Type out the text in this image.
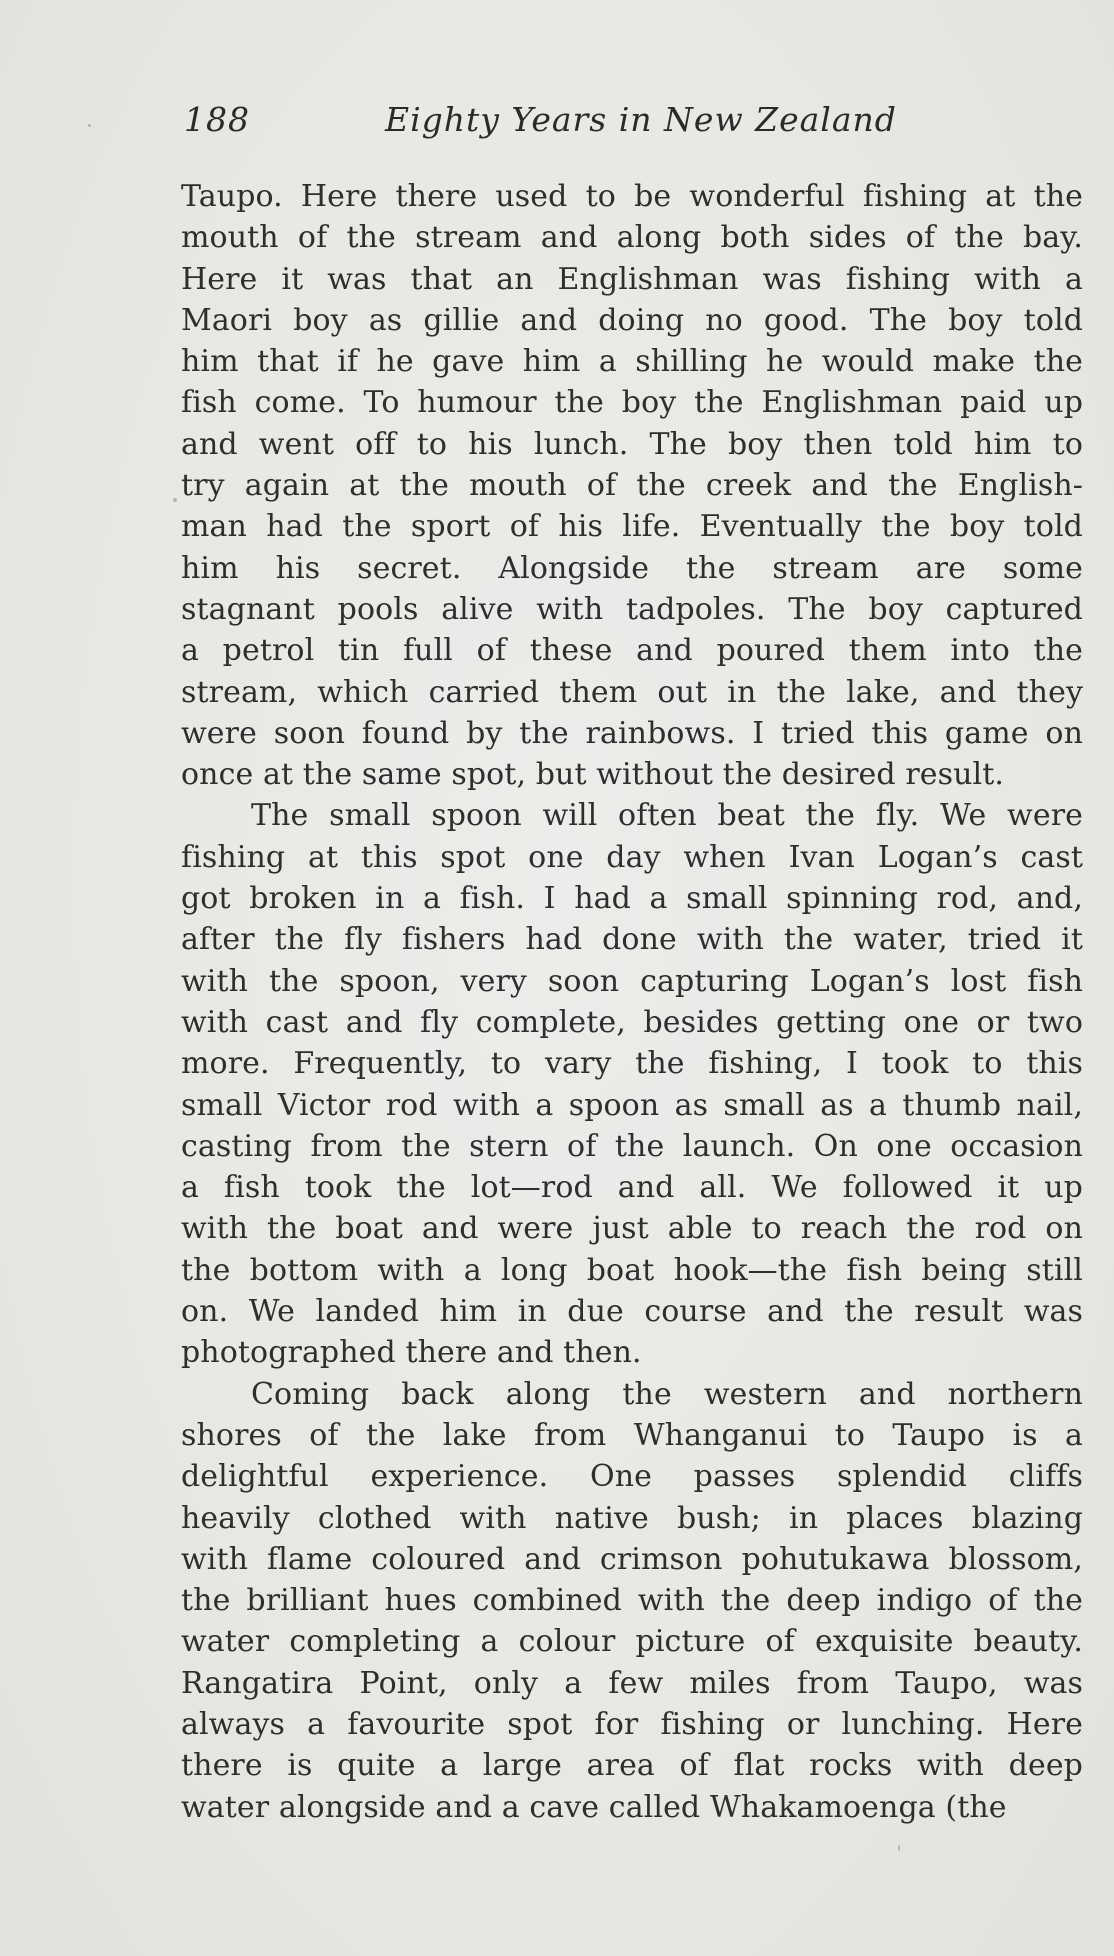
188	Eighty Years in New Zealand
Taupo. Here there used to be wonderful fishing at the
mouth of the stream and along both sides of the bay.
Here it was that an Englishman was fishing with a
Maori boy as gillie and doing no good. The boy told
him that if he gave him a shilling he would make the
fish come. To humour the boy the Englishman paid up
and went off to his lunch. The boy then told him to
try again at the mouth of the creek and the English-
man had the sport of his life. Eventually the boy told
him his secret. Alongside the stream are some
stagnant pools alive with tadpoles. The boy captured
a petrol tin full of these and poured them into the
stream, which carried them out in the lake, and they
were soon found by the rainbows. I tried this game on
once at the same spot, but without the desired result.
The small spoon will often beat the fly. We were
fishing at this spot one day when Ivan Logan’s cast
got broken in a fish. I had a small spinning rod, and,
after the fly fishers had done with the water, tried it
with the spoon, very soon capturing Logan’s lost fish
with cast and fly complete, besides getting one or two
more. Frequently, to vary the fishing, I took to this
small Victor rod with a spoon as small as a thumb nail,
casting from the stern of the launch. On one occasion
a fish took the lot—rod and all. We followed it up
with the boat and were just able to reach the rod on
the bottom with a long boat hook—the fish being still
on. We landed him in due course and the result was
photographed there and then.
Coming back along the western and northern
shores of the lake from Whanganui to Taupo is a
delightful experience. One passes splendid cliffs
heavily clothed with native bush; in places blazing
with flame coloured and crimson pohutukawa blossom,
the brilliant hues combined with the deep indigo of the
water completing a colour picture of exquisite beauty.
Rangatira Point, only a few miles from Taupo, was
always a favourite spot for fishing or lunching. Here
there is quite a large area of flat rocks with deep
water alongside and a cave called Whakamoenga (the
